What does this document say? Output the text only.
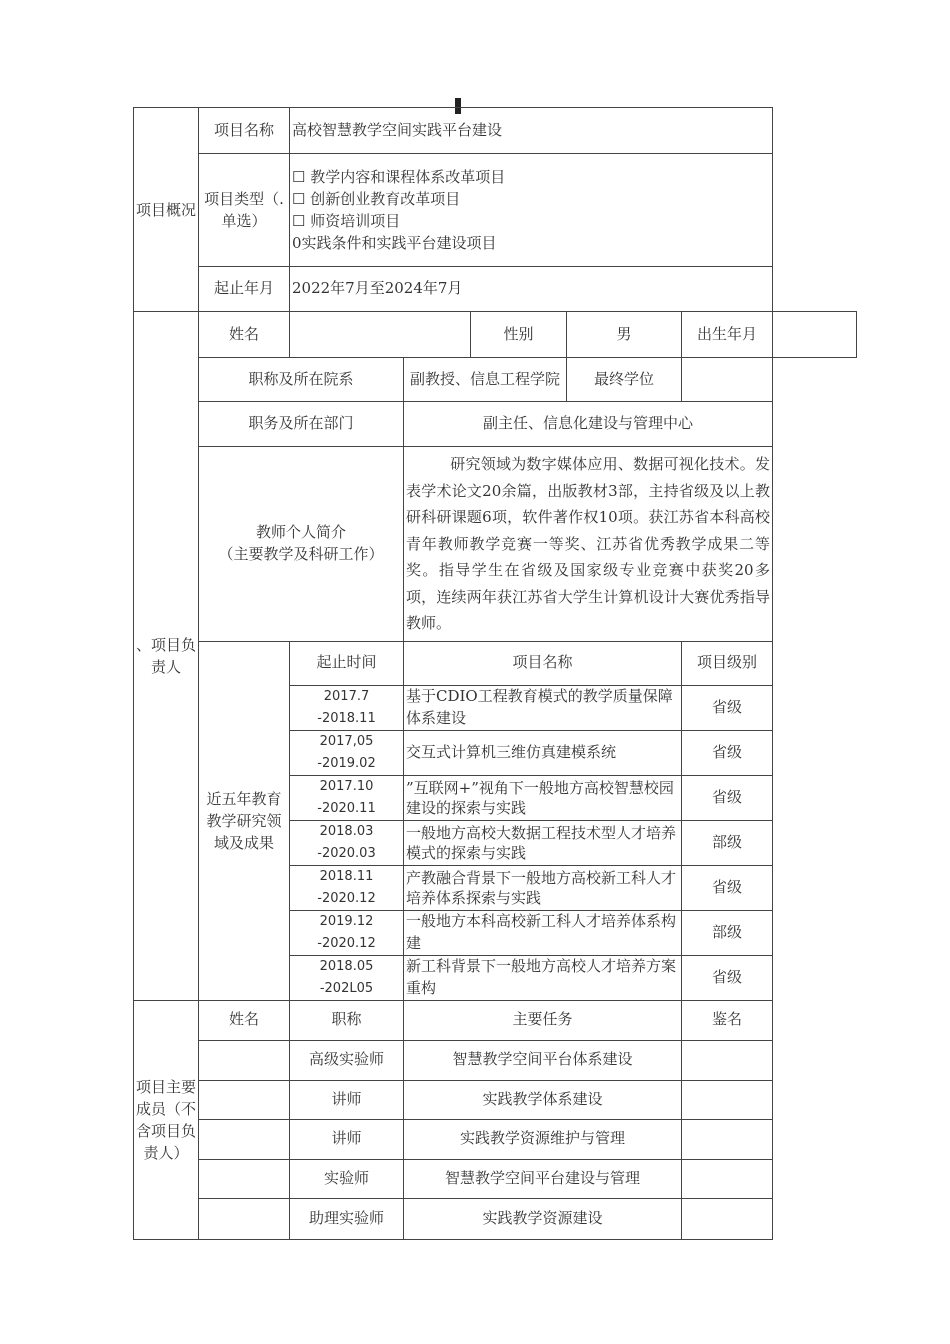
项目概况	项目名称	高校智慧教学空间实践平台建设					
	项目类型（.单选）	☐ 教学内容和课程体系改革项目
☐ 创新创业教育改革项目
☐ 师资培训项目
0实践条件和实践平台建设项目					

	起止年月	2022年7月至2024年7月					
、项目负责人	姓名			性别	男	出生年月	
	职称及所在院系		副教授、信息工程学院		最终学位		
	职务及所在部门		副主任、信息化建设与管理中心				

	教师个人简介
（主要教学及科研工作）		研究领域为数字媒体应用、数据可视化技术。发表学术论文20余篇，出版教材3部，主持省级及以上教研科研课题6项，软件著作权10项。获江苏省本科高校青年教师教学竞赛一等奖、江苏省优秀教学成果二等奖。指导学生在省级及国家级专业竞赛中获奖20多项，连续两年获江苏省大学生计算机设计大赛优秀指导教师。				
	近五年教育教学研究领域及成果	起止时间	项目名称			项目级别	

		2017.7
-2018.11	基于CDIO工程教育模式的教学质量保障体系建设			省级	

		2017,05
-2019.02	交互式计算机三维仿真建模系统			省级	

		2017.10
-2020.11	”互联网+”视角下一般地方高校智慧校园建设的探索与实践			省级	

		2018.03
-2020.03	一般地方高校大数据工程技术型人才培养模式的探索与实践			部级	

		2018.11
-2020.12	产教融合背景下一般地方高校新工科人才培养体系探索与实践			省级	

		2019.12
-2020.12	一般地方本科高校新工科人才培养体系构建			部级	

		2018.05
-202L05	新工科背景下一般地方高校人才培养方案重构			省级	
项目主要成员（不含项目负责人）	姓名	职称	主要任务			鉴名	
		高级实验师	智慧教学空间平台体系建设				
		讲师	实践教学体系建设				
		讲师	实践教学资源维护与管理				
		实验师	智慧教学空间平台建设与管理				
		助理实验师	实践教学资源建设				
